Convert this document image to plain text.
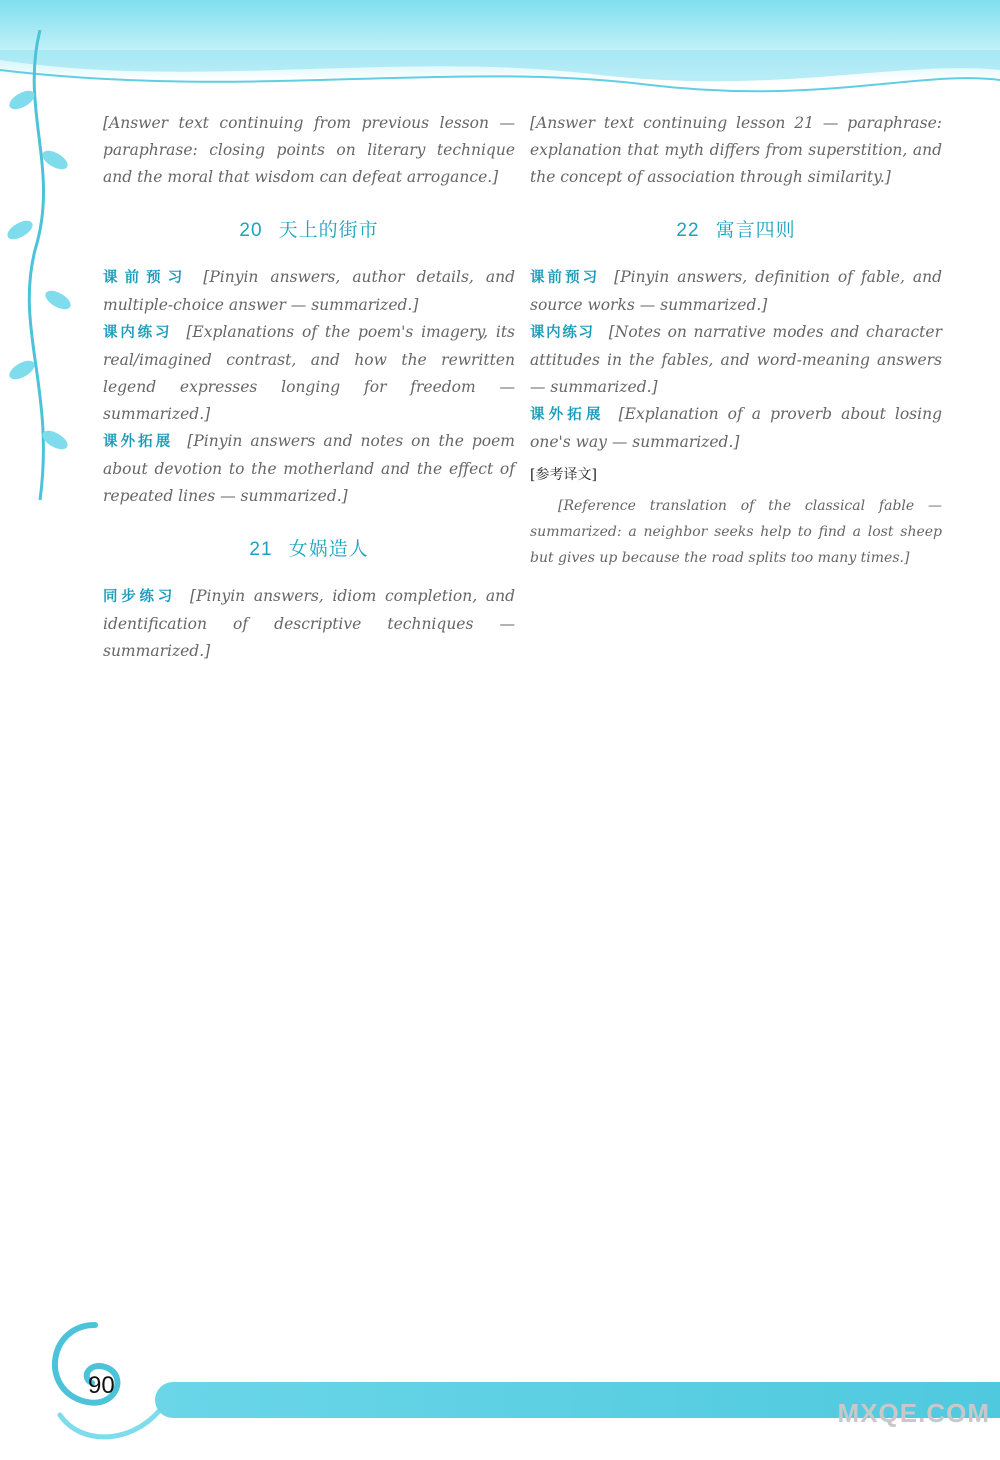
[Answer text continuing from previous lesson — paraphrase: closing points on literary technique and the moral that wisdom can defeat arrogance.]

20 天上的街市

课前预习 [Pinyin answers, author details, and multiple-choice answer — summarized.]

课内练习 [Explanations of the poem's imagery, its real/imagined contrast, and how the rewritten legend expresses longing for freedom — summarized.]

课外拓展 [Pinyin answers and notes on the poem about devotion to the motherland and the effect of repeated lines — summarized.]

21 女娲造人

同步练习 [Pinyin answers, idiom completion, and identification of descriptive techniques — summarized.]

[Answer text continuing lesson 21 — paraphrase: explanation that myth differs from superstition, and the concept of association through similarity.]

22 寓言四则

课前预习 [Pinyin answers, definition of fable, and source works — summarized.]

课内练习 [Notes on narrative modes and character attitudes in the fables, and word-meaning answers — summarized.]

课外拓展 [Explanation of a proverb about losing one's way — summarized.]

[参考译文]

[Reference translation of the classical fable — summarized: a neighbor seeks help to find a lost sheep but gives up because the road splits too many times.]

90
MXQE.COM
